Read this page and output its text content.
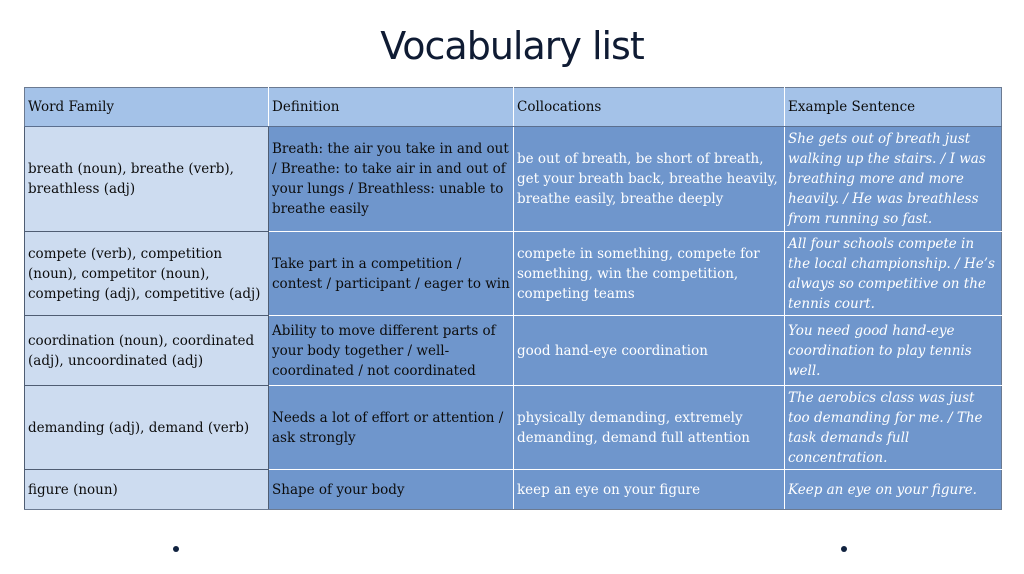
Vocabulary list
Word Family	Definition	Collocations	Example Sentence
breath (noun), breathe (verb), breathless (adj)	Breath: the air you take in and out / Breathe: to take air in and out of your lungs / Breathless: unable to breathe easily	be out of breath, be short of breath, get your breath back, breathe heavily, breathe easily, breathe deeply	She gets out of breath just walking up the stairs. / I was breathing more and more heavily. / He was breathless from running so fast.
compete (verb), competition (noun), competitor (noun), competing (adj), competitive (adj)	Take part in a competition / contest / participant / eager to win	compete in something, compete for something, win the competition, competing teams	All four schools compete in the local championship. / He’s always so competitive on the tennis court.
coordination (noun), coordinated (adj), uncoordinated (adj)	Ability to move different parts of your body together / well-coordinated / not coordinated	good hand-eye coordination	You need good hand-eye coordination to play tennis well.
demanding (adj), demand (verb)	Needs a lot of effort or attention / ask strongly	physically demanding, extremely demanding, demand full attention	The aerobics class was just too demanding for me. / The task demands full concentration.
figure (noun)	Shape of your body	keep an eye on your figure	Keep an eye on your figure.
